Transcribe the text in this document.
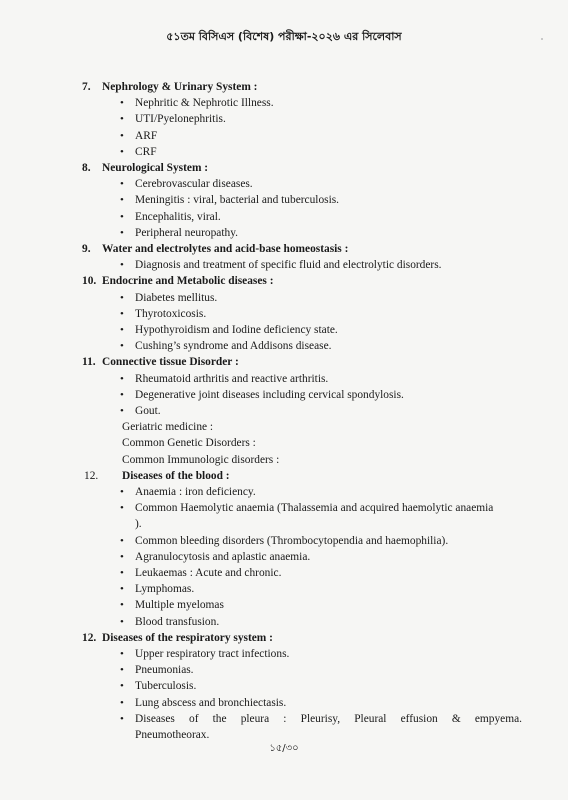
৫১তম বিসিএস (বিশেষ) পরীক্ষা-২০২৬ এর সিলেবাস
7. Nephrology & Urinary System :
• Nephritic & Nephrotic Illness.
• UTI/Pyelonephritis.
• ARF
• CRF
8. Neurological System :
• Cerebrovascular diseases.
• Meningitis : viral, bacterial and tuberculosis.
• Encephalitis, viral.
• Peripheral neuropathy.
9. Water and electrolytes and acid-base homeostasis :
• Diagnosis and treatment of specific fluid and electrolytic disorders.
10. Endocrine and Metabolic diseases :
• Diabetes mellitus.
• Thyrotoxicosis.
• Hypothyroidism and Iodine deficiency state.
• Cushing’s syndrome and Addisons disease.
11. Connective tissue Disorder :
• Rheumatoid arthritis and reactive arthritis.
• Degenerative joint diseases including cervical spondylosis.
• Gout.
Geriatric medicine :
Common Genetic Disorders :
Common Immunologic disorders :
12. Diseases of the blood :
• Anaemia : iron deficiency.
• Common Haemolytic anaemia (Thalassemia and acquired haemolytic anaemia
).
• Common bleeding disorders (Thrombocytopendia and haemophilia).
• Agranulocytosis and aplastic anaemia.
• Leukaemas : Acute and chronic.
• Lymphomas.
• Multiple myelomas
• Blood transfusion.
12. Diseases of the respiratory system :
• Upper respiratory tract infections.
• Pneumonias.
• Tuberculosis.
• Lung abscess and bronchiectasis.
• Diseases of the pleura : Pleurisy, Pleural effusion & empyema.
Pneumotheorax.
১৫/৩০
